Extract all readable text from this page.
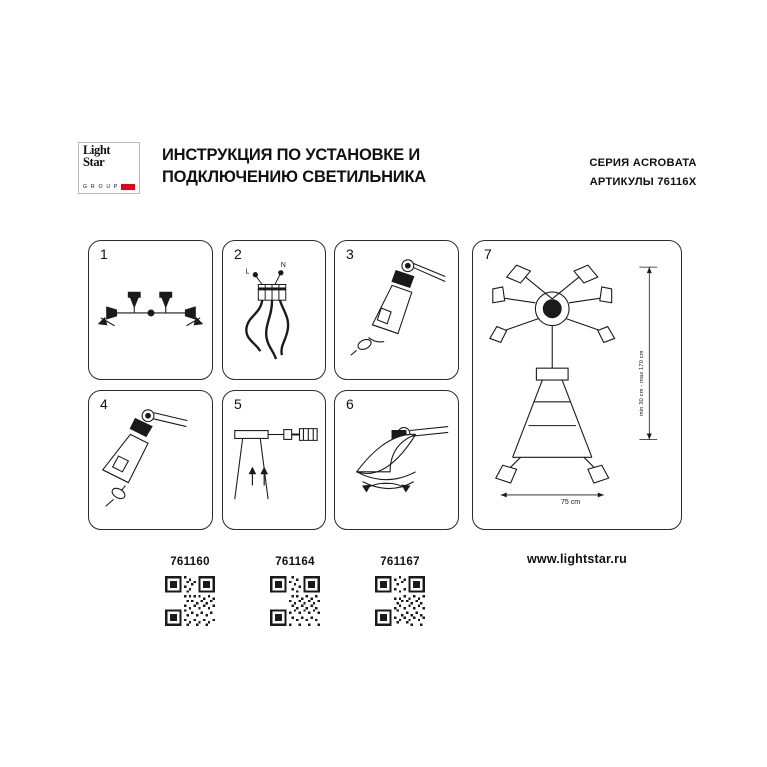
Light
Star
G R O U P
ИНСТРУКЦИЯ ПО УСТАНОВКЕ И
ПОДКЛЮЧЕНИЮ СВЕТИЛЬНИКА
СЕРИЯ ACROBATA
АРТИКУЛЫ 76116X
1	2
L
N
3
4	5	6
7
min 30 cm - max 170 cm
75 cm
761160	761164	761167	www.lightstar.ru
